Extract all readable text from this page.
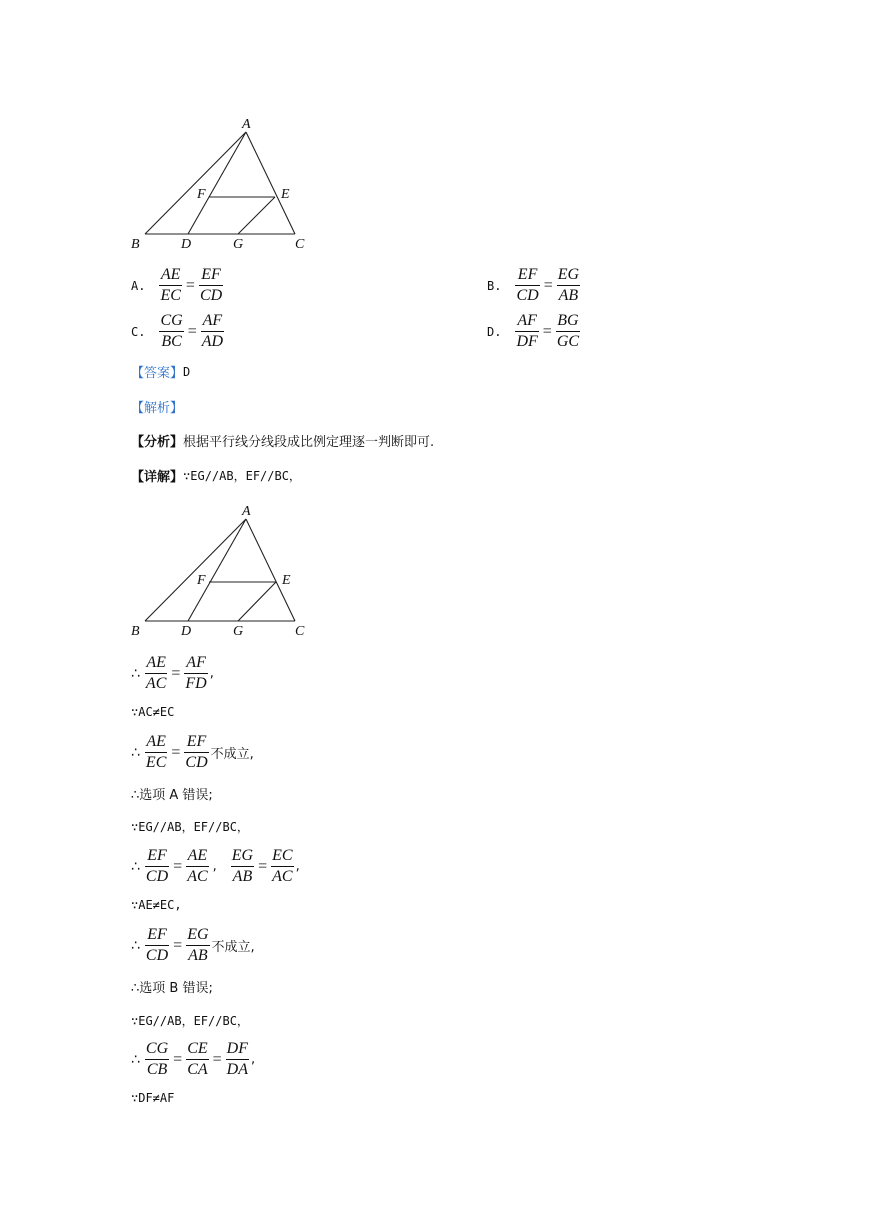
A
B	C
D
E
F
G
A. $\frac{AE}{EC} = \frac{EF}{CD}$	B. $\frac{EF}{CD} = \frac{EG}{AB}$
C. $\frac{CG}{BC} = \frac{AF}{AD}$	D. $\frac{AF}{DF} = \frac{BG}{GC}$
【答案】 D
【解析】
【分析】 根据平行线分线段成比例定理逐一判断即可.
【详解】 ∵EG//AB，EF//BC，
A
B	C
D
E
F
G
∴ $\frac{AE}{AC} = \frac{AF}{FD}$ ,
∵AC≠EC
∴ $\frac{AE}{EC} = \frac{EF}{CD}$ 不成立,
∴选项 A 错误;
∵EG//AB，EF//BC，
∴ $\frac{EF}{CD} = \frac{AE}{AC}$ , $\frac{EG}{AB} = \frac{EC}{AC}$ ,
∵AE≠EC,
∴ $\frac{EF}{CD} = \frac{EG}{AB}$ 不成立,
∴选项 B 错误;
∵EG//AB，EF//BC，
∴ $\frac{CG}{CB} = \frac{CE}{CA} = \frac{DF}{DA}$ ,
∵DF≠AF
